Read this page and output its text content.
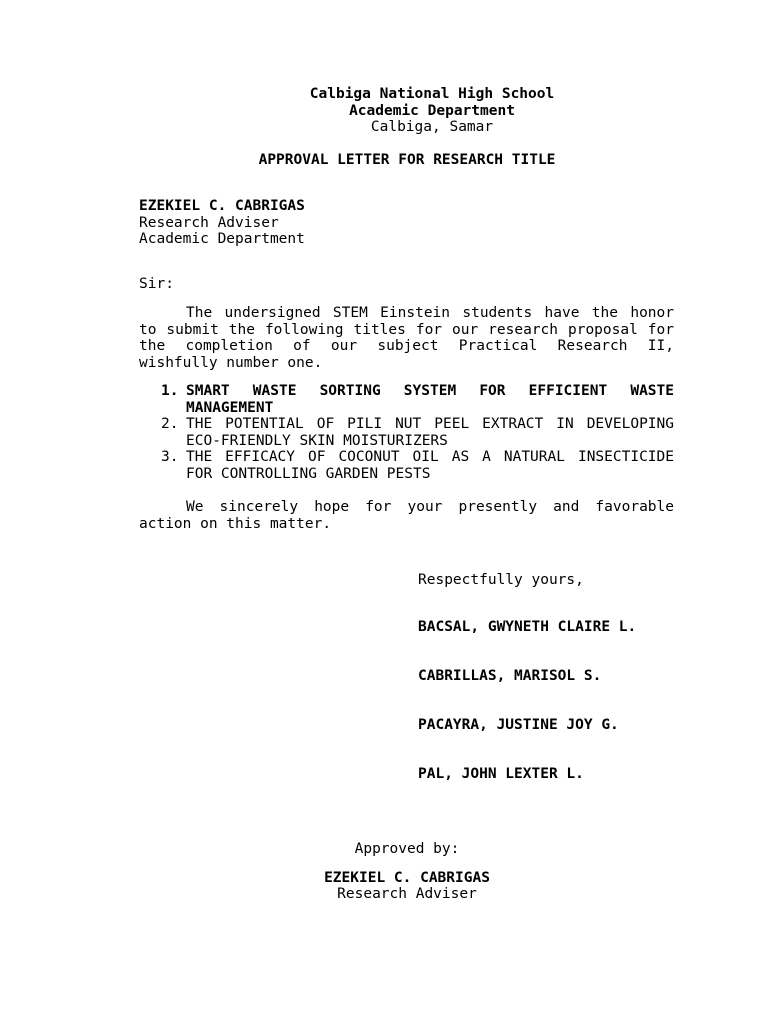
Calbiga National High School
Academic Department
Calbiga, Samar
APPROVAL LETTER FOR RESEARCH TITLE
EZEKIEL C. CABRIGAS
Research Adviser
Academic Department
Sir:
The undersigned STEM Einstein students have the honor to submit the following titles for our research proposal for the completion of our subject Practical Research II, wishfully number one.
1. SMART WASTE SORTING SYSTEM FOR EFFICIENT WASTE MANAGEMENT
2. THE POTENTIAL OF PILI NUT PEEL EXTRACT IN DEVELOPING ECO-FRIENDLY SKIN MOISTURIZERS
3. THE EFFICACY OF COCONUT OIL AS A NATURAL INSECTICIDE FOR CONTROLLING GARDEN PESTS
We sincerely hope for your presently and favorable action on this matter.
Respectfully yours,
BACSAL, GWYNETH CLAIRE L.
CABRILLAS, MARISOL S.
PACAYRA, JUSTINE JOY G.
PAL, JOHN LEXTER L.
Approved by:
EZEKIEL C. CABRIGAS
Research Adviser
